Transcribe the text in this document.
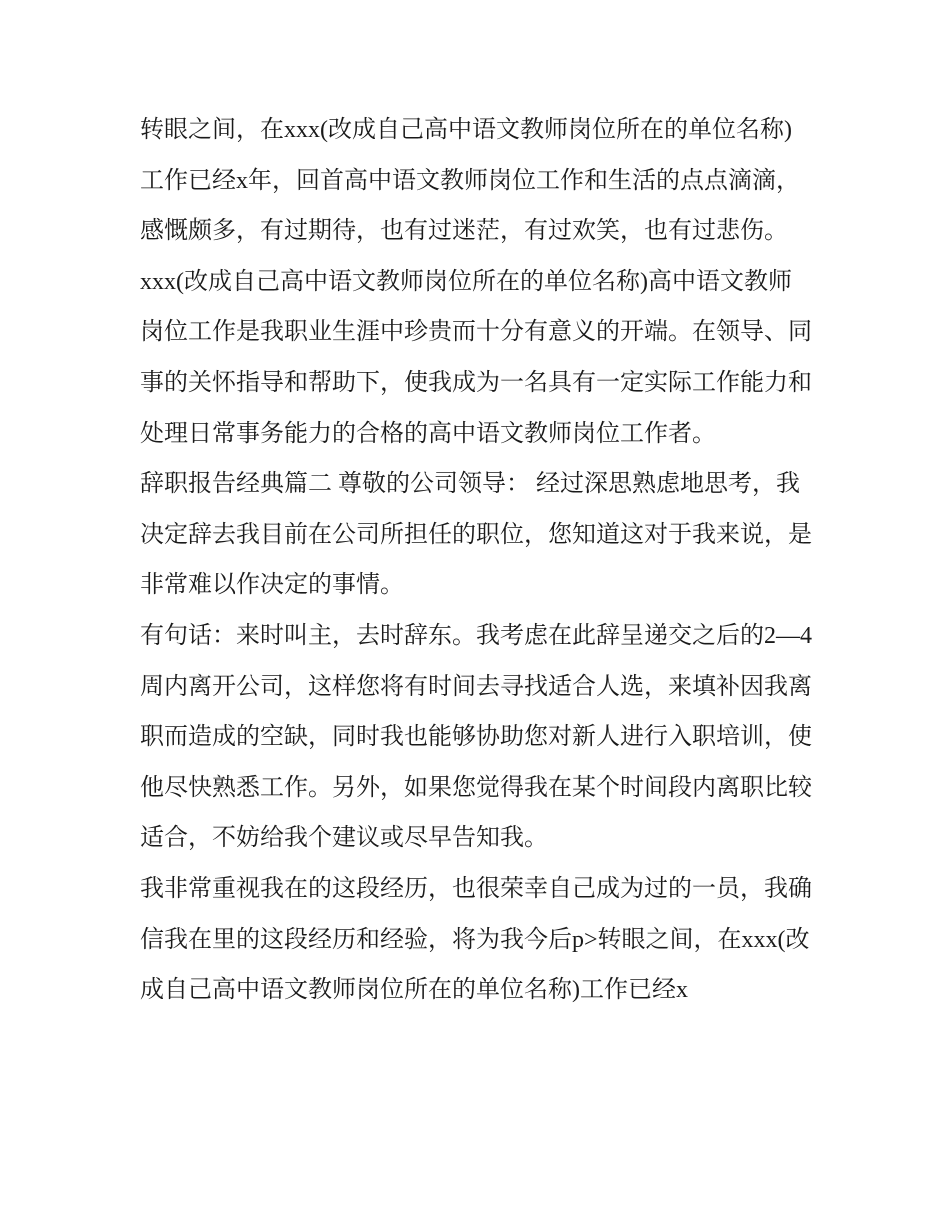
转眼之间，在xxx(改成自己高中语文教师岗位所在的单位名称)工作已经x年，回首高中语文教师岗位工作和生活的点点滴滴，感慨颇多，有过期待，也有过迷茫，有过欢笑，也有过悲伤。

xxx(改成自己高中语文教师岗位所在的单位名称)高中语文教师岗位工作是我职业生涯中珍贵而十分有意义的开端。在领导、同事的关怀指导和帮助下，使我成为一名具有一定实际工作能力和处理日常事务能力的合格的高中语文教师岗位工作者。

辞职报告经典篇二 尊敬的公司领导： 经过深思熟虑地思考，我决定辞去我目前在公司所担任的职位，您知道这对于我来说，是非常难以作决定的事情。

有句话：来时叫主，去时辞东。我考虑在此辞呈递交之后的2—4周内离开公司，这样您将有时间去寻找适合人选，来填补因我离职而造成的空缺，同时我也能够协助您对新人进行入职培训，使他尽快熟悉工作。另外，如果您觉得我在某个时间段内离职比较适合，不妨给我个建议或尽早告知我。

我非常重视我在的这段经历，也很荣幸自己成为过的一员，我确信我在里的这段经历和经验，将为我今后p>转眼之间，在xxx(改成自己高中语文教师岗位所在的单位名称)工作已经x
